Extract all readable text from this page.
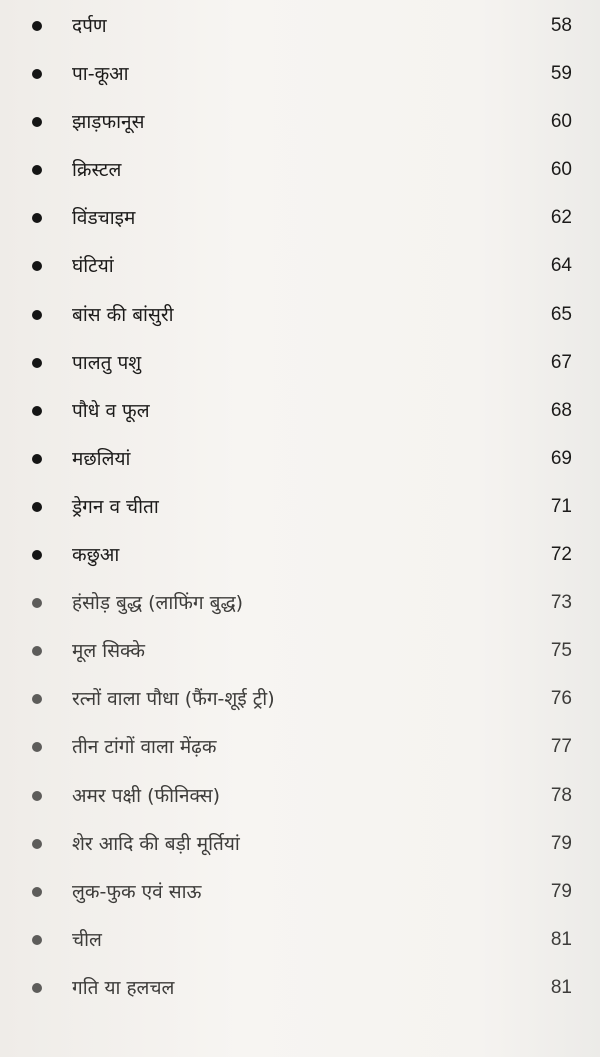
दर्पण	58
पा-कूआ	59
झाड़फानूस	60
क्रिस्टल	60
विंडचाइम	62
घंटियां	64
बांस की बांसुरी	65
पालतु पशु	67
पौधे व फूल	68
मछलियां	69
ड्रेगन व चीता	71
कछुआ	72
हंसोड़ बुद्ध (लाफिंग बुद्ध)	73
मूल सिक्के	75
रत्नों वाला पौधा (फैंग-शूई ट्री)	76
तीन टांगों वाला मेंढ़क	77
अमर पक्षी (फीनिक्स)	78
शेर आदि की बड़ी मूर्तियां	79
लुक-फुक एवं साऊ	79
चील	81
गति या हलचल	81
